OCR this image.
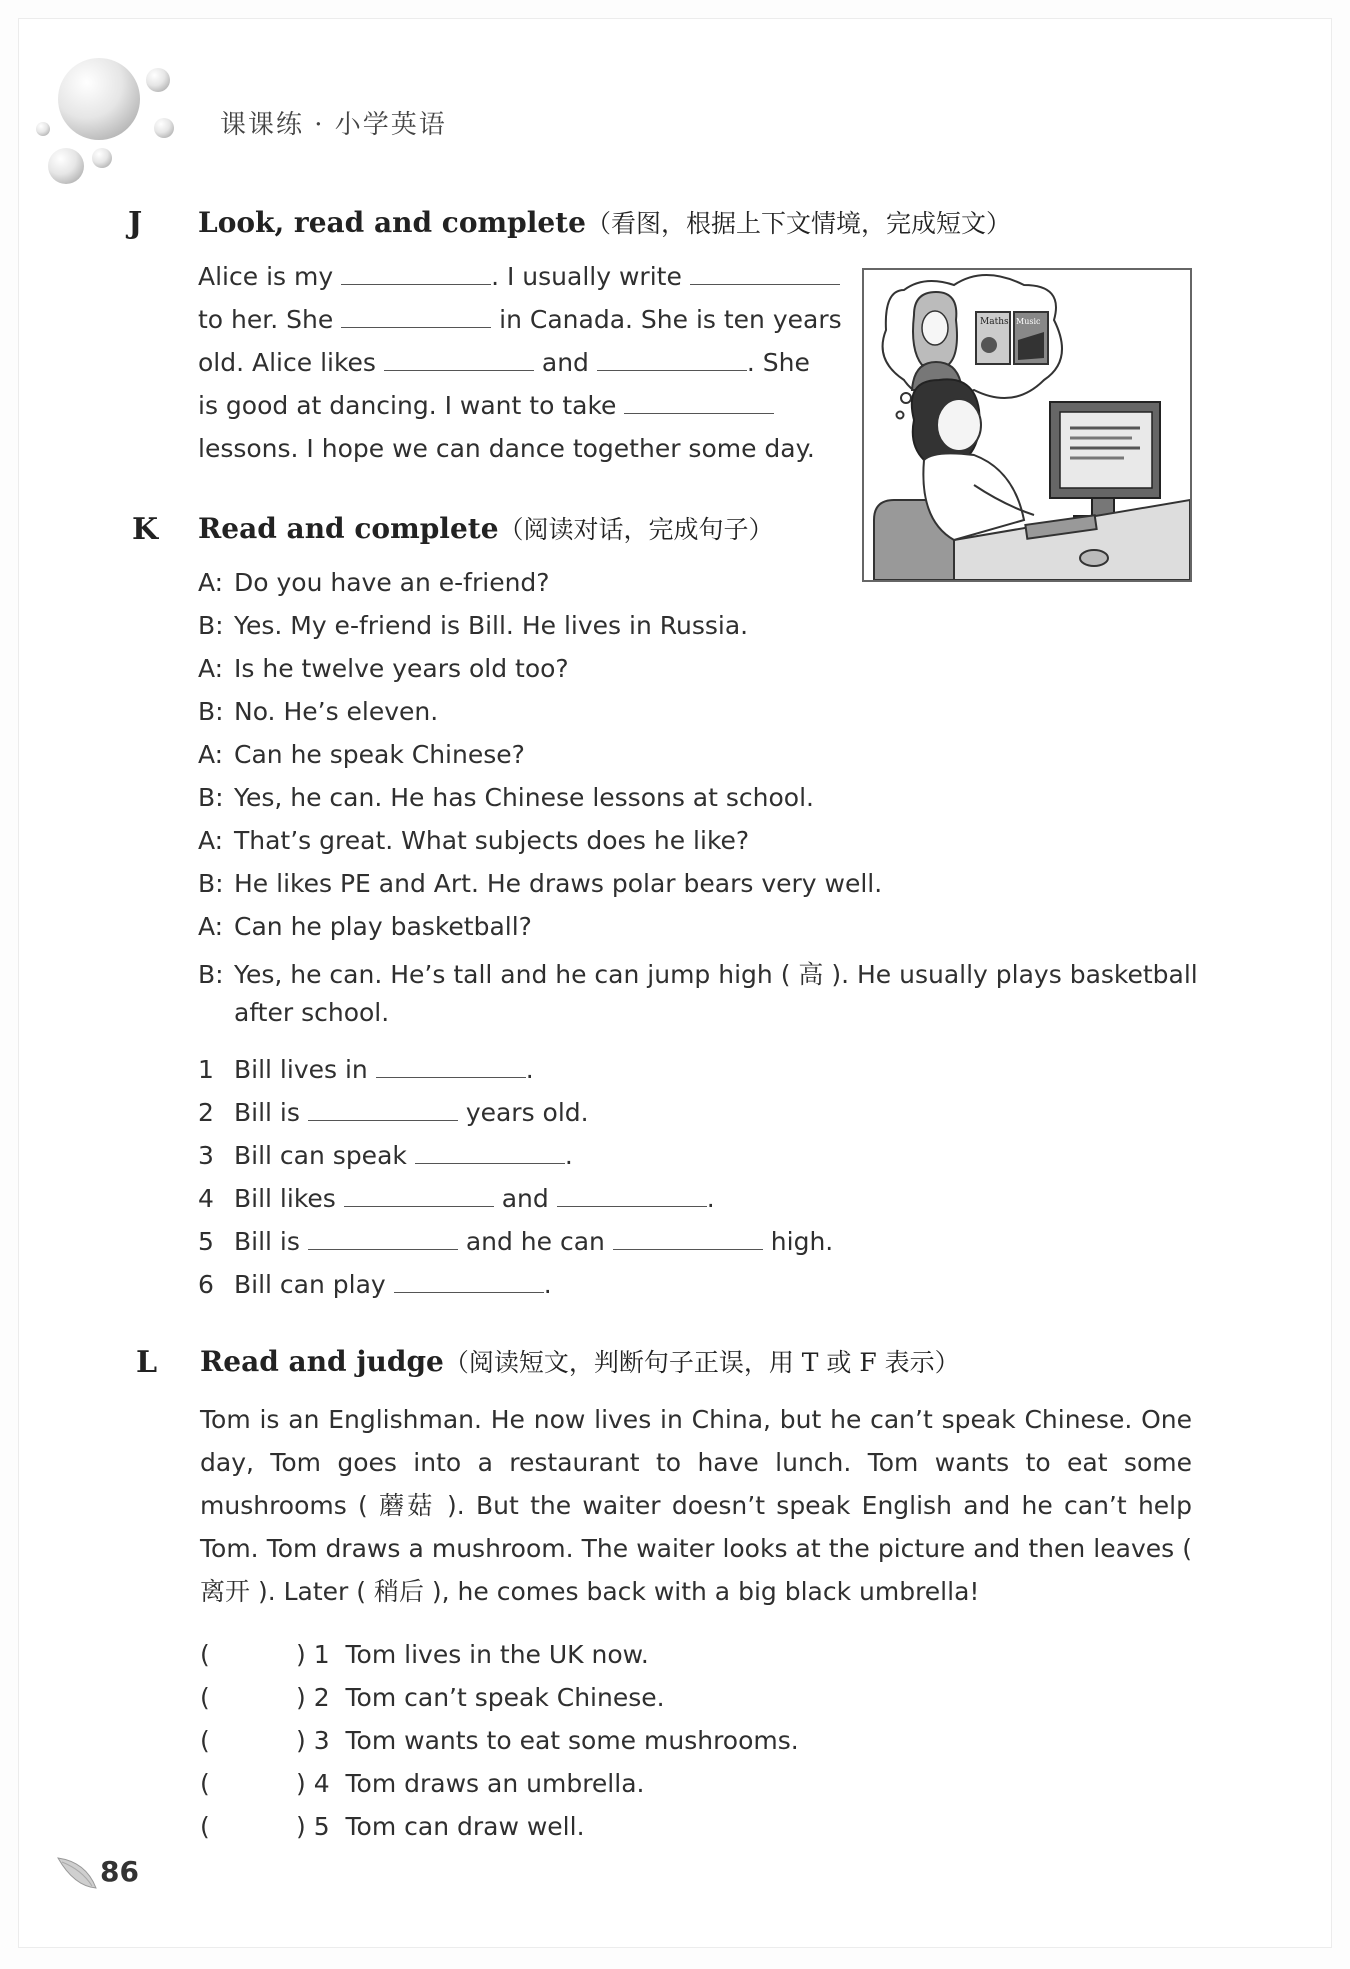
课课练 · 小学英语
J Look, read and complete（看图，根据上下文情境，完成短文）
Alice is my	. I usually write
to her. She	in Canada. She is ten years
old. Alice likes	and	. She
is good at dancing. I want to take
lessons. I hope we can dance together some day.
Maths Music
K Read and complete（阅读对话，完成句子）
A: Do you have an e-friend?
B: Yes. My e-friend is Bill. He lives in Russia.
A: Is he twelve years old too?
B: No. He’s eleven.
A: Can he speak Chinese?
B: Yes, he can. He has Chinese lessons at school.
A: That’s great. What subjects does he like?
B: He likes PE and Art. He draws polar bears very well.
A: Can he play basketball?
B: Yes, he can. He’s tall and he can jump high ( 高 ). He usually plays basketball
after school.
1 Bill lives in	.
2 Bill is	years old.
3 Bill can speak	.
4 Bill likes	and	.
5 Bill is	and he can	high.
6 Bill can play	.
L Read and judge（阅读短文，判断句子正误，用 T 或 F 表示）
Tom is an Englishman. He now lives in China, but he can’t speak Chinese. One day, Tom goes into a restaurant to have lunch. Tom wants to eat some mushrooms ( 蘑菇 ). But the waiter doesn’t speak English and he can’t help Tom. Tom draws a mushroom. The waiter looks at the picture and then leaves ( 离开 ). Later ( 稍后 ), he comes back with a big black umbrella!
(	) 1 Tom lives in the UK now.
(	) 2 Tom can’t speak Chinese.
(	) 3 Tom wants to eat some mushrooms.
(	) 4 Tom draws an umbrella.
(	) 5 Tom can draw well.
86
